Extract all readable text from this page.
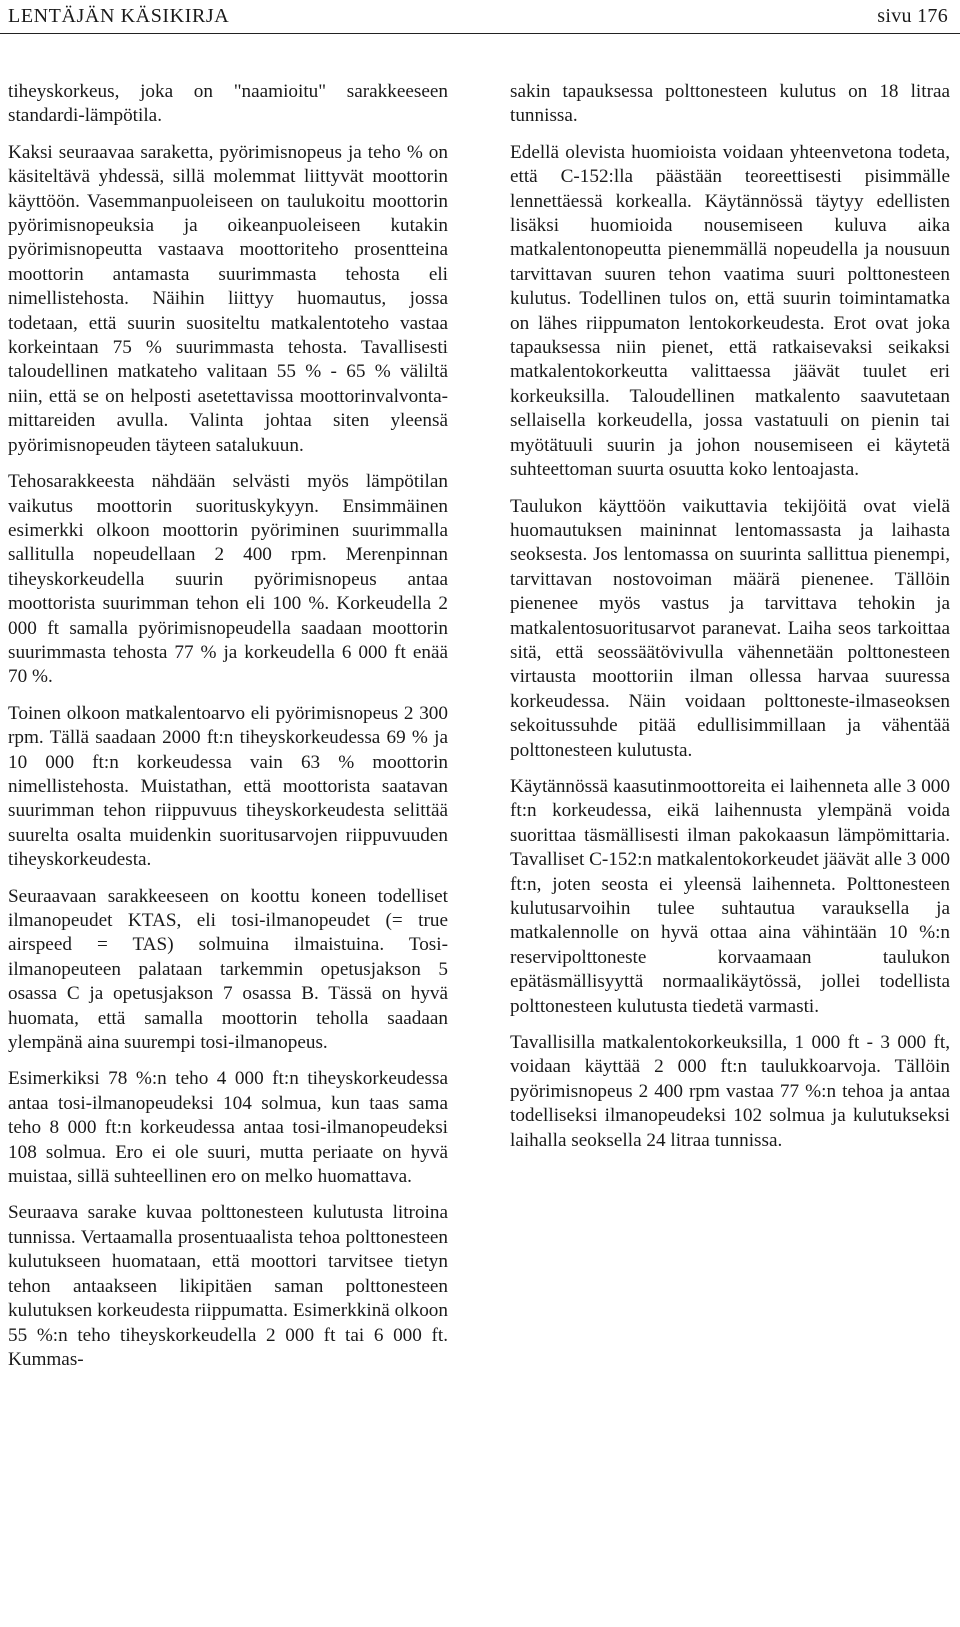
LENTÄJÄN KÄSIKIRJA	sivu 176

tiheyskorkeus, joka on "naamioitu" sarakkeeseen standardi-lämpötila.

Kaksi seuraavaa saraketta, pyörimisnopeus ja teho % on käsiteltävä yhdessä, sillä molemmat liittyvät moottorin käyttöön. Vasemmanpuoleiseen on taulukoitu moottorin pyörimisnopeuksia ja oikeanpuoleiseen kutakin pyörimisnopeutta vastaava moottoriteho prosentteina moottorin antamasta suurimmasta tehosta eli nimellistehosta. Näihin liittyy huomautus, jossa todetaan, että suurin suositeltu matkalentoteho vastaa korkeintaan 75 % suurimmasta tehosta. Tavallisesti taloudellinen matkateho valitaan 55 % - 65 % väliltä niin, että se on helposti asetettavissa moottorinvalvonta-mittareiden avulla. Valinta johtaa siten yleensä pyörimisnopeuden täyteen satalukuun.

Tehosarakkeesta nähdään selvästi myös lämpötilan vaikutus moottorin suorituskykyyn. Ensimmäinen esimerkki olkoon moottorin pyöriminen suurimmalla sallitulla nopeudellaan 2 400 rpm. Merenpinnan tiheyskorkeudella suurin pyörimisnopeus antaa moottorista suurimman tehon eli 100 %. Korkeudella 2 000 ft samalla pyörimisnopeudella saadaan moottorin suurimmasta tehosta 77 % ja korkeudella 6 000 ft enää 70 %.

Toinen olkoon matkalentoarvo eli pyörimisnopeus 2 300 rpm. Tällä saadaan 2000 ft:n tiheyskorkeudessa 69 % ja 10 000 ft:n korkeudessa vain 63 % moottorin nimellistehosta. Muistathan, että moottorista saatavan suurimman tehon riippuvuus tiheyskorkeudesta selittää suurelta osalta muidenkin suoritusarvojen riippuvuuden tiheyskorkeudesta.

Seuraavaan sarakkeeseen on koottu koneen todelliset ilmanopeudet KTAS, eli tosi-ilmanopeudet (= true airspeed = TAS) solmuina ilmaistuina. Tosi-ilmanopeuteen palataan tarkemmin opetusjakson 5 osassa C ja opetusjakson 7 osassa B. Tässä on hyvä huomata, että samalla moottorin teholla saadaan ylempänä aina suurempi tosi-ilmanopeus.

Esimerkiksi 78 %:n teho 4 000 ft:n tiheyskorkeudessa antaa tosi-ilmanopeudeksi 104 solmua, kun taas sama teho 8 000 ft:n korkeudessa antaa tosi-ilmanopeudeksi 108 solmua. Ero ei ole suuri, mutta periaate on hyvä muistaa, sillä suhteellinen ero on melko huomattava.

Seuraava sarake kuvaa polttonesteen kulutusta litroina tunnissa. Vertaamalla prosentuaalista tehoa polttonesteen kulutukseen huomataan, että moottori tarvitsee tietyn tehon antaakseen likipitäen saman polttonesteen kulutuksen korkeudesta riippumatta. Esimerkkinä olkoon 55 %:n teho tiheyskorkeudella 2 000 ft tai 6 000 ft. Kummas-

sakin tapauksessa polttonesteen kulutus on 18 litraa tunnissa.

Edellä olevista huomioista voidaan yhteenvetona todeta, että C-152:lla päästään teoreettisesti pisimmälle lennettäessä korkealla. Käytännössä täytyy edellisten lisäksi huomioida nousemiseen kuluva aika matkalentonopeutta pienemmällä nopeudella ja nousuun tarvittavan suuren tehon vaatima suuri polttonesteen kulutus. Todellinen tulos on, että suurin toimintamatka on lähes riippumaton lentokorkeudesta. Erot ovat joka tapauksessa niin pienet, että ratkaisevaksi seikaksi matkalentokorkeutta valittaessa jäävät tuulet eri korkeuksilla. Taloudellinen matkalento saavutetaan sellaisella korkeudella, jossa vastatuuli on pienin tai myötätuuli suurin ja johon nousemiseen ei käytetä suhteettoman suurta osuutta koko lentoajasta.

Taulukon käyttöön vaikuttavia tekijöitä ovat vielä huomautuksen maininnat lentomassasta ja laihasta seoksesta. Jos lentomassa on suurinta sallittua pienempi, tarvittavan nostovoiman määrä pienenee. Tällöin pienenee myös vastus ja tarvittava tehokin ja matkalentosuoritusarvot paranevat. Laiha seos tarkoittaa sitä, että seossäätövivulla vähennetään polttonesteen virtausta moottoriin ilman ollessa harvaa suuressa korkeudessa. Näin voidaan polttoneste-ilmaseoksen sekoitussuhde pitää edullisimmillaan ja vähentää polttonesteen kulutusta.

Käytännössä kaasutinmoottoreita ei laihenneta alle 3 000 ft:n korkeudessa, eikä laihennusta ylempänä voida suorittaa täsmällisesti ilman pakokaasun lämpömittaria. Tavalliset C-152:n matkalentokorkeudet jäävät alle 3 000 ft:n, joten seosta ei yleensä laihenneta. Polttonesteen kulutusarvoihin tulee suhtautua varauksella ja matkalennolle on hyvä ottaa aina vähintään 10 %:n reservipolttoneste korvaamaan taulukon epätäsmällisyyttä normaalikäytössä, jollei todellista polttonesteen kulutusta tiedetä varmasti.

Tavallisilla matkalentokorkeuksilla, 1 000 ft - 3 000 ft, voidaan käyttää 2 000 ft:n taulukkoarvoja. Tällöin pyörimisnopeus 2 400 rpm vastaa 77 %:n tehoa ja antaa todelliseksi ilmanopeudeksi 102 solmua ja kulutukseksi laihalla seoksella 24 litraa tunnissa.
